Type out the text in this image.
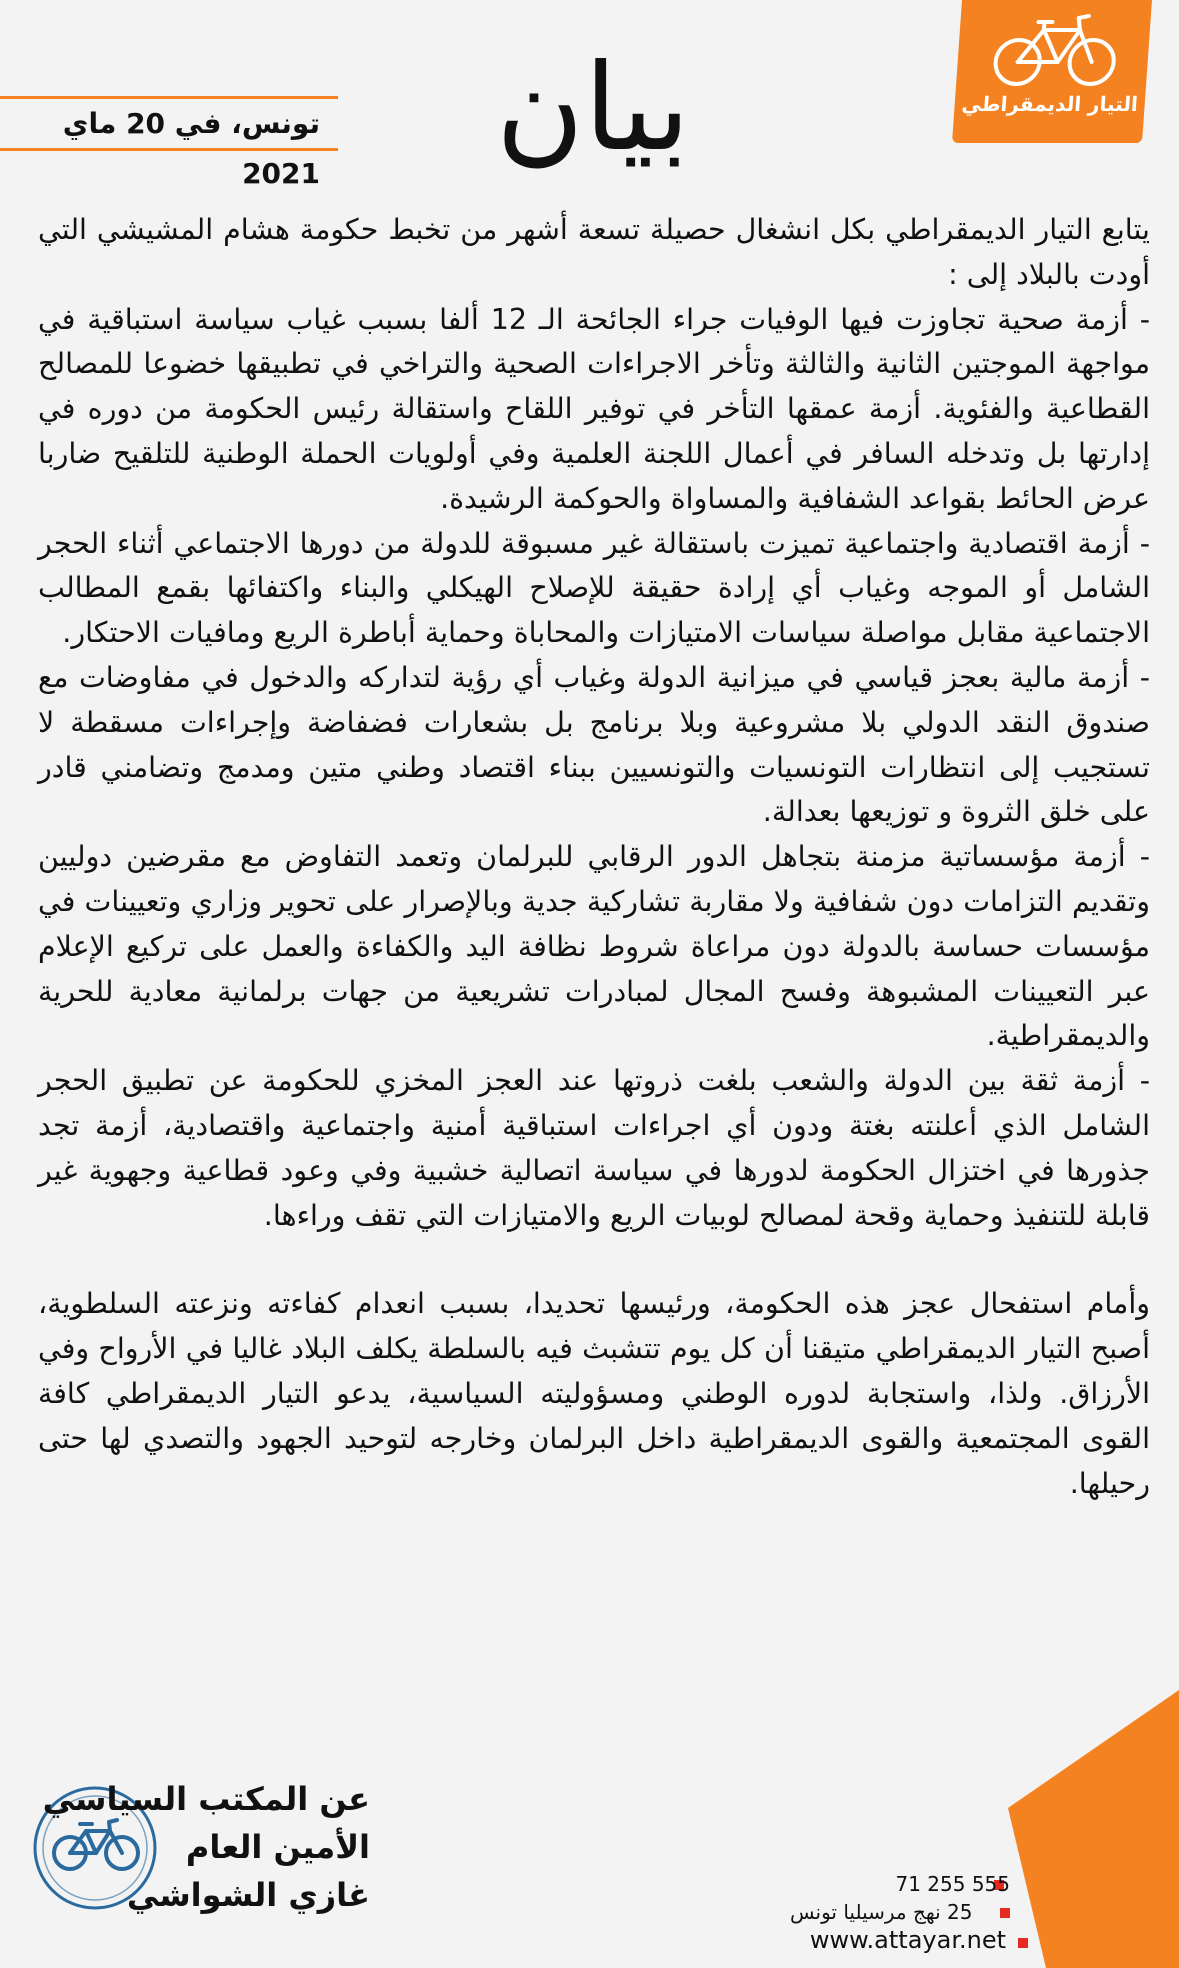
التيار الديمقراطي
بيان
تونس، في 20 ماي 2021

يتابع التيار الديمقراطي بكل انشغال حصيلة تسعة أشهر من تخبط حكومة هشام المشيشي التي أودت بالبلاد إلى :

- أزمة صحية تجاوزت فيها الوفيات جراء الجائحة الـ 12 ألفا بسبب غياب سياسة استباقية في مواجهة الموجتين الثانية والثالثة وتأخر الاجراءات الصحية والتراخي في تطبيقها خضوعا للمصالح القطاعية والفئوية. أزمة عمقها التأخر في توفير اللقاح واستقالة رئيس الحكومة من دوره في إدارتها بل وتدخله السافر في أعمال اللجنة العلمية وفي أولويات الحملة الوطنية للتلقيح ضاربا عرض الحائط بقواعد الشفافية والمساواة والحوكمة الرشيدة.

- أزمة اقتصادية واجتماعية تميزت باستقالة غير مسبوقة للدولة من دورها الاجتماعي أثناء الحجر الشامل أو الموجه وغياب أي إرادة حقيقة للإصلاح الهيكلي والبناء واكتفائها بقمع المطالب الاجتماعية مقابل مواصلة سياسات الامتيازات والمحاباة وحماية أباطرة الريع ومافيات الاحتكار.

- أزمة مالية بعجز قياسي في ميزانية الدولة وغياب أي رؤية لتداركه والدخول في مفاوضات مع صندوق النقد الدولي بلا مشروعية وبلا برنامج بل بشعارات فضفاضة وإجراءات مسقطة لا تستجيب إلى انتظارات التونسيات والتونسيين ببناء اقتصاد وطني متين ومدمج وتضامني قادر على خلق الثروة و توزيعها بعدالة.

- أزمة مؤسساتية مزمنة بتجاهل الدور الرقابي للبرلمان وتعمد التفاوض مع مقرضين دوليين وتقديم التزامات دون شفافية ولا مقاربة تشاركية جدية وبالإصرار على تحوير وزاري وتعيينات في مؤسسات حساسة بالدولة دون مراعاة شروط نظافة اليد والكفاءة والعمل على تركيع الإعلام عبر التعيينات المشبوهة وفسح المجال لمبادرات تشريعية من جهات برلمانية معادية للحرية والديمقراطية.

- أزمة ثقة بين الدولة والشعب بلغت ذروتها عند العجز المخزي للحكومة عن تطبيق الحجر الشامل الذي أعلنته بغتة ودون أي اجراءات استباقية أمنية واجتماعية واقتصادية، أزمة تجد جذورها في اختزال الحكومة لدورها في سياسة اتصالية خشبية وفي وعود قطاعية وجهوية غير قابلة للتنفيذ وحماية وقحة لمصالح لوبيات الريع والامتيازات التي تقف وراءها.

وأمام استفحال عجز هذه الحكومة، ورئيسها تحديدا، بسبب انعدام كفاءته ونزعته السلطوية، أصبح التيار الديمقراطي متيقنا أن كل يوم تتشبث فيه بالسلطة يكلف البلاد غاليا في الأرواح وفي الأرزاق. ولذا، واستجابة لدوره الوطني ومسؤوليته السياسية، يدعو التيار الديمقراطي كافة القوى المجتمعية والقوى الديمقراطية داخل البرلمان وخارجه لتوحيد الجهود والتصدي لها حتى رحيلها.

عن المكتب السياسي
الأمين العام
غازي الشواشي	71 255 555
25 نهج مرسيليا تونس
www.attayar.net
